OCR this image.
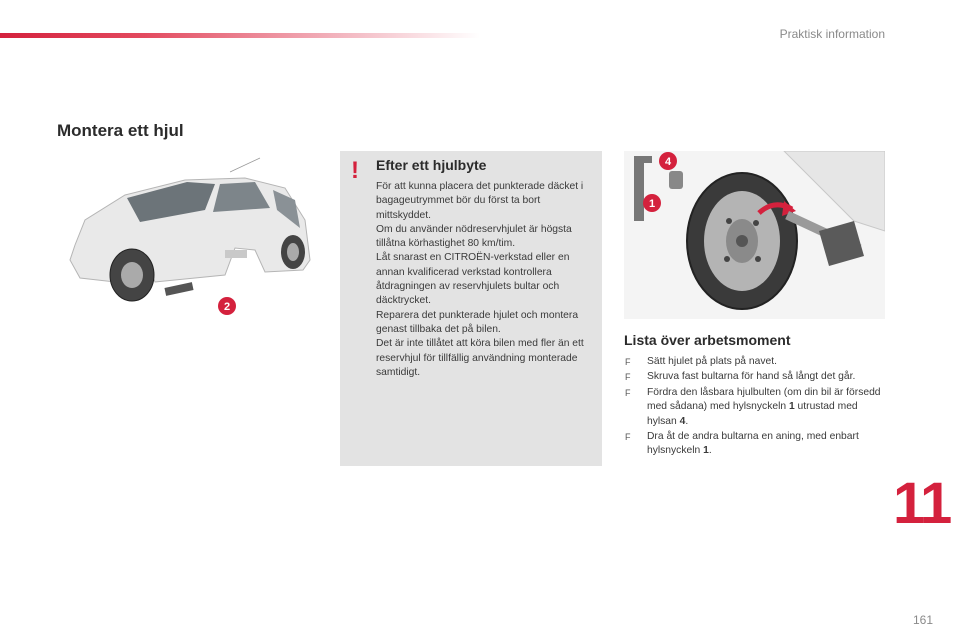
Praktisk information
Montera ett hjul
2
! Efter ett hjulbyte
För att kunna placera det punkterade däcket i bagageutrymmet bör du först ta bort mittskyddet.
Om du använder nödreservhjulet är högsta tillåtna körhastighet 80 km/tim.
Låt snarast en CITROËN-verkstad eller en annan kvalificerad verkstad kontrollera åtdragningen av reservhjulets bultar och däcktrycket.
Reparera det punkterade hjulet och montera genast tillbaka det på bilen.
Det är inte tillåtet att köra bilen med fler än ett reservhjul för tillfällig användning monterade samtidigt.
4
1
Lista över arbetsmoment
F Sätt hjulet på plats på navet.
F Skruva fast bultarna för hand så långt det går.
F Fördra den låsbara hjulbulten (om din bil är försedd med sådana) med hylsnyckeln 1 utrustad med hylsan 4.
F Dra åt de andra bultarna en aning, med enbart hylsnyckeln 1.
11
161
